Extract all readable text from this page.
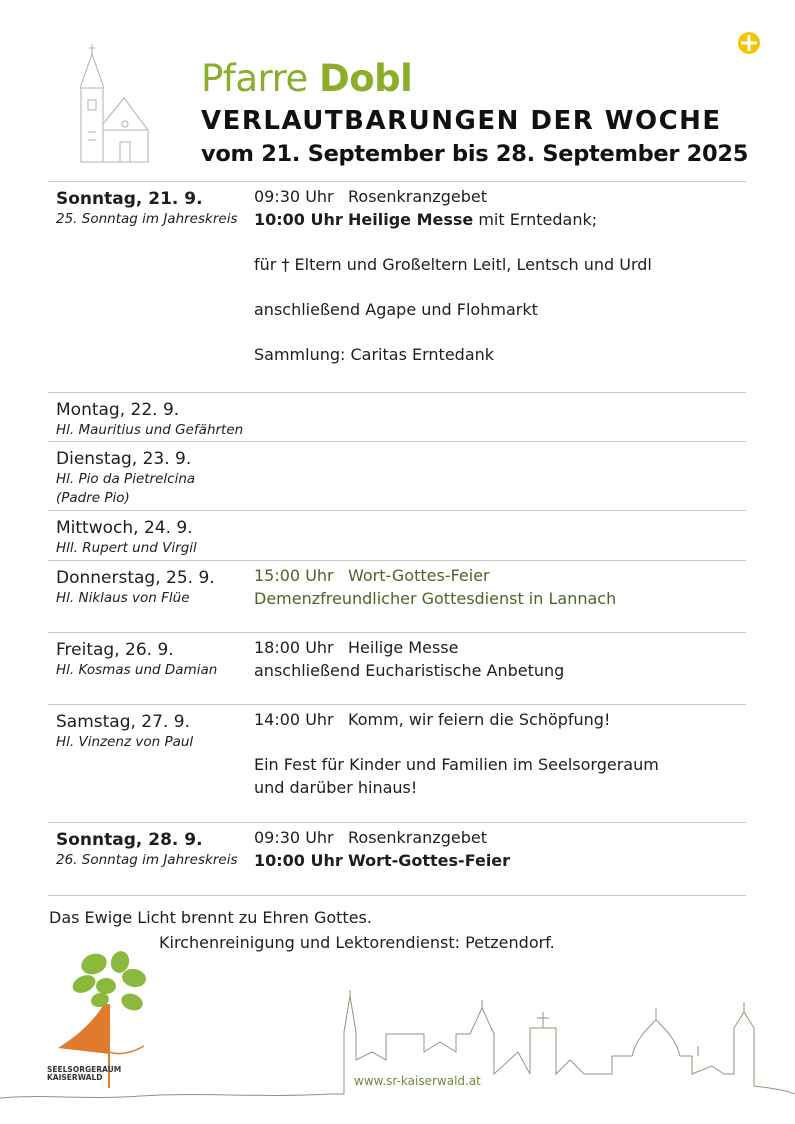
Pfarre Dobl
VERLAUTBARUNGEN DER WOCHE
vom 21. September bis 28. September 2025
Sonntag, 21. 9.
25. Sonntag im Jahreskreis
09:30 Uhr Rosenkranzgebet
10:00 Uhr Heilige Messe mit Erntedank;
für † Eltern und Großeltern Leitl, Lentsch und Urdl
anschließend Agape und Flohmarkt
Sammlung: Caritas Erntedank
Montag, 22. 9.
Hl. Mauritius und Gefährten
Dienstag, 23. 9.
Hl. Pio da Pietrelcina (Padre Pio)
Mittwoch, 24. 9.
Hll. Rupert und Virgil
Donnerstag, 25. 9.
Hl. Niklaus von Flüe
15:00 Uhr Wort-Gottes-Feier
Demenzfreundlicher Gottesdienst in Lannach
Freitag, 26. 9.
Hl. Kosmas und Damian
18:00 Uhr Heilige Messe
anschließend Eucharistische Anbetung
Samstag, 27. 9.
Hl. Vinzenz von Paul
14:00 Uhr Komm, wir feiern die Schöpfung!
Ein Fest für Kinder und Familien im Seelsorgeraum und darüber hinaus!
Sonntag, 28. 9.
26. Sonntag im Jahreskreis
09:30 Uhr Rosenkranzgebet
10:00 Uhr Wort-Gottes-Feier
Das Ewige Licht brennt zu Ehren Gottes.
Kirchenreinigung und Lektorendienst: Petzendorf.
SEELSORGERAUM
KAISERWALD	www.sr-kaiserwald.at
